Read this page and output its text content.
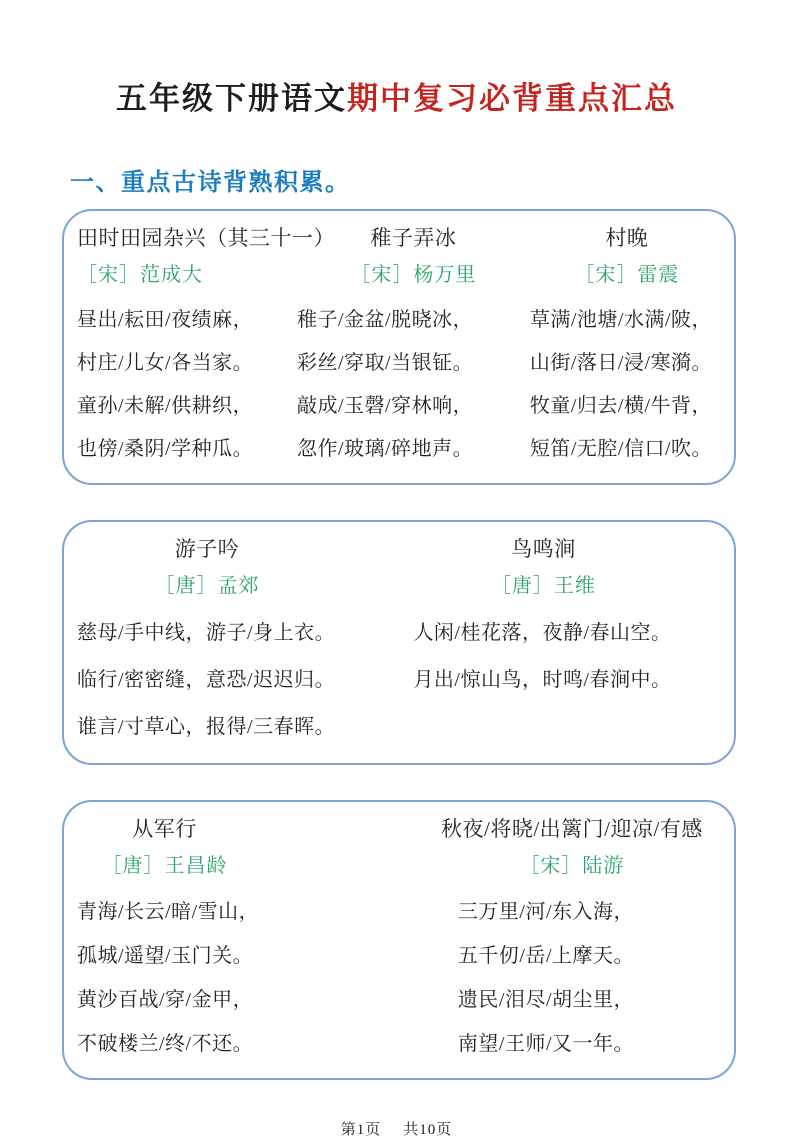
五年级下册语文期中复习必背重点汇总
一、重点古诗背熟积累。
田时田园杂兴（其三十一）
［宋］范成大
昼出/耘田/夜绩麻，
村庄/儿女/各当家。
童孙/未解/供耕织，
也傍/桑阴/学种瓜。
稚子弄冰
［宋］杨万里
稚子/金盆/脱晓冰，
彩丝/穿取/当银钲。
敲成/玉磬/穿林响，
忽作/玻璃/碎地声。
村晚
［宋］雷震
草满/池塘/水满/陂，
山街/落日/浸/寒漪。
牧童/归去/横/牛背，
短笛/无腔/信口/吹。
游子吟
［唐］孟郊
慈母/手中线，游子/身上衣。
临行/密密缝，意恐/迟迟归。
谁言/寸草心，报得/三春晖。
鸟鸣涧
［唐］王维
人闲/桂花落，夜静/春山空。
月出/惊山鸟，时鸣/春涧中。
从军行
［唐］王昌龄
青海/长云/暗/雪山，
孤城/遥望/玉门关。
黄沙百战/穿/金甲，
不破楼兰/终/不还。
秋夜/将晓/出篱门/迎凉/有感
［宋］陆游
三万里/河/东入海，
五千仞/岳/上摩天。
遗民/泪尽/胡尘里，
南望/王师/又一年。
第1页 共10页
